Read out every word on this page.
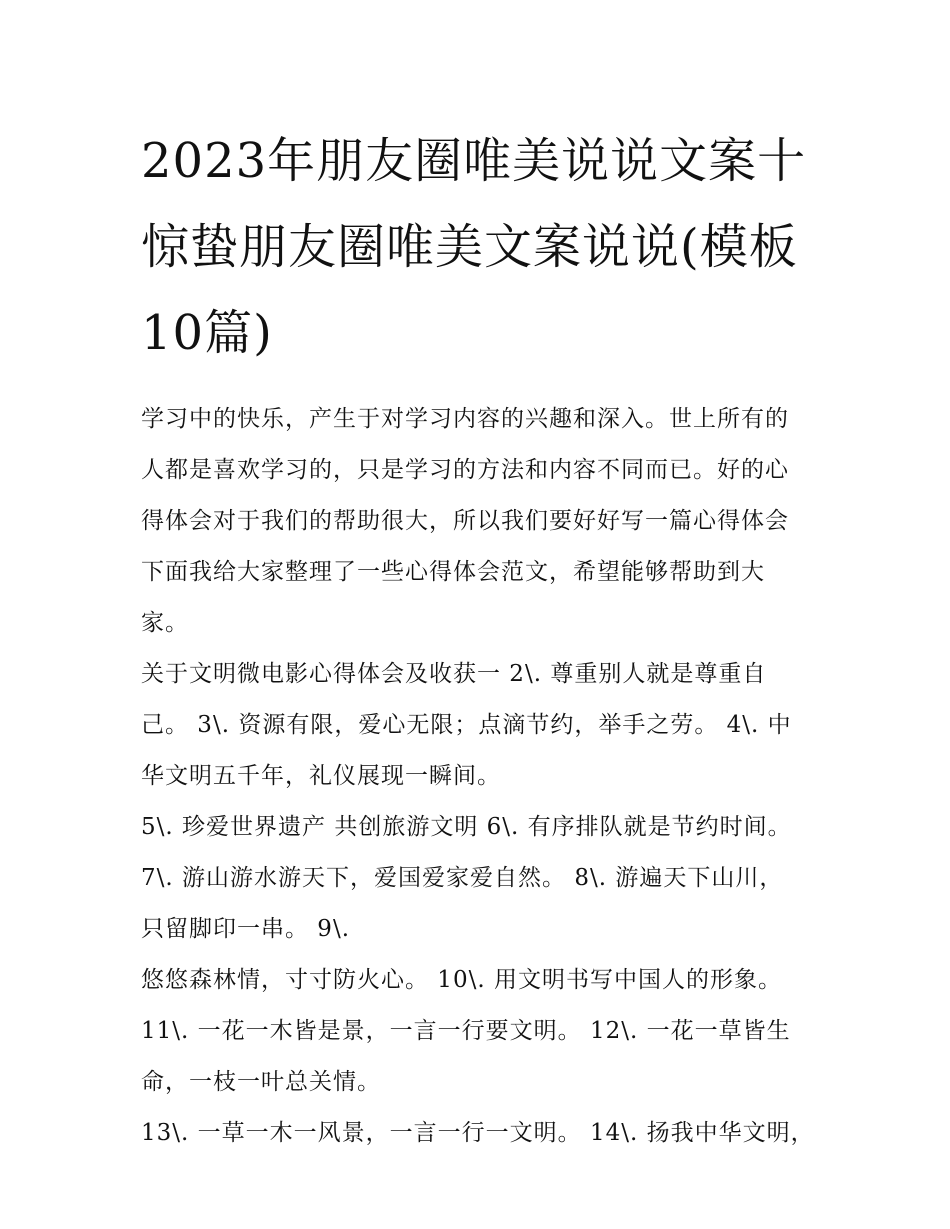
2023年朋友圈唯美说说文案十
惊蛰朋友圈唯美文案说说(模板
10篇)
学习中的快乐，产生于对学习内容的兴趣和深入。世上所有的
人都是喜欢学习的，只是学习的方法和内容不同而已。好的心
得体会对于我们的帮助很大，所以我们要好好写一篇心得体会
下面我给大家整理了一些心得体会范文，希望能够帮助到大
家。
关于文明微电影心得体会及收获一 2\. 尊重别人就是尊重自
己。 3\. 资源有限，爱心无限；点滴节约，举手之劳。 4\. 中
华文明五千年，礼仪展现一瞬间。
5\. 珍爱世界遗产 共创旅游文明 6\. 有序排队就是节约时间。
7\. 游山游水游天下，爱国爱家爱自然。 8\. 游遍天下山川，
只留脚印一串。 9\.
悠悠森林情，寸寸防火心。 10\. 用文明书写中国人的形象。
11\. 一花一木皆是景，一言一行要文明。 12\. 一花一草皆生
命，一枝一叶总关情。
13\. 一草一木一风景，一言一行一文明。 14\. 扬我中华文明，
